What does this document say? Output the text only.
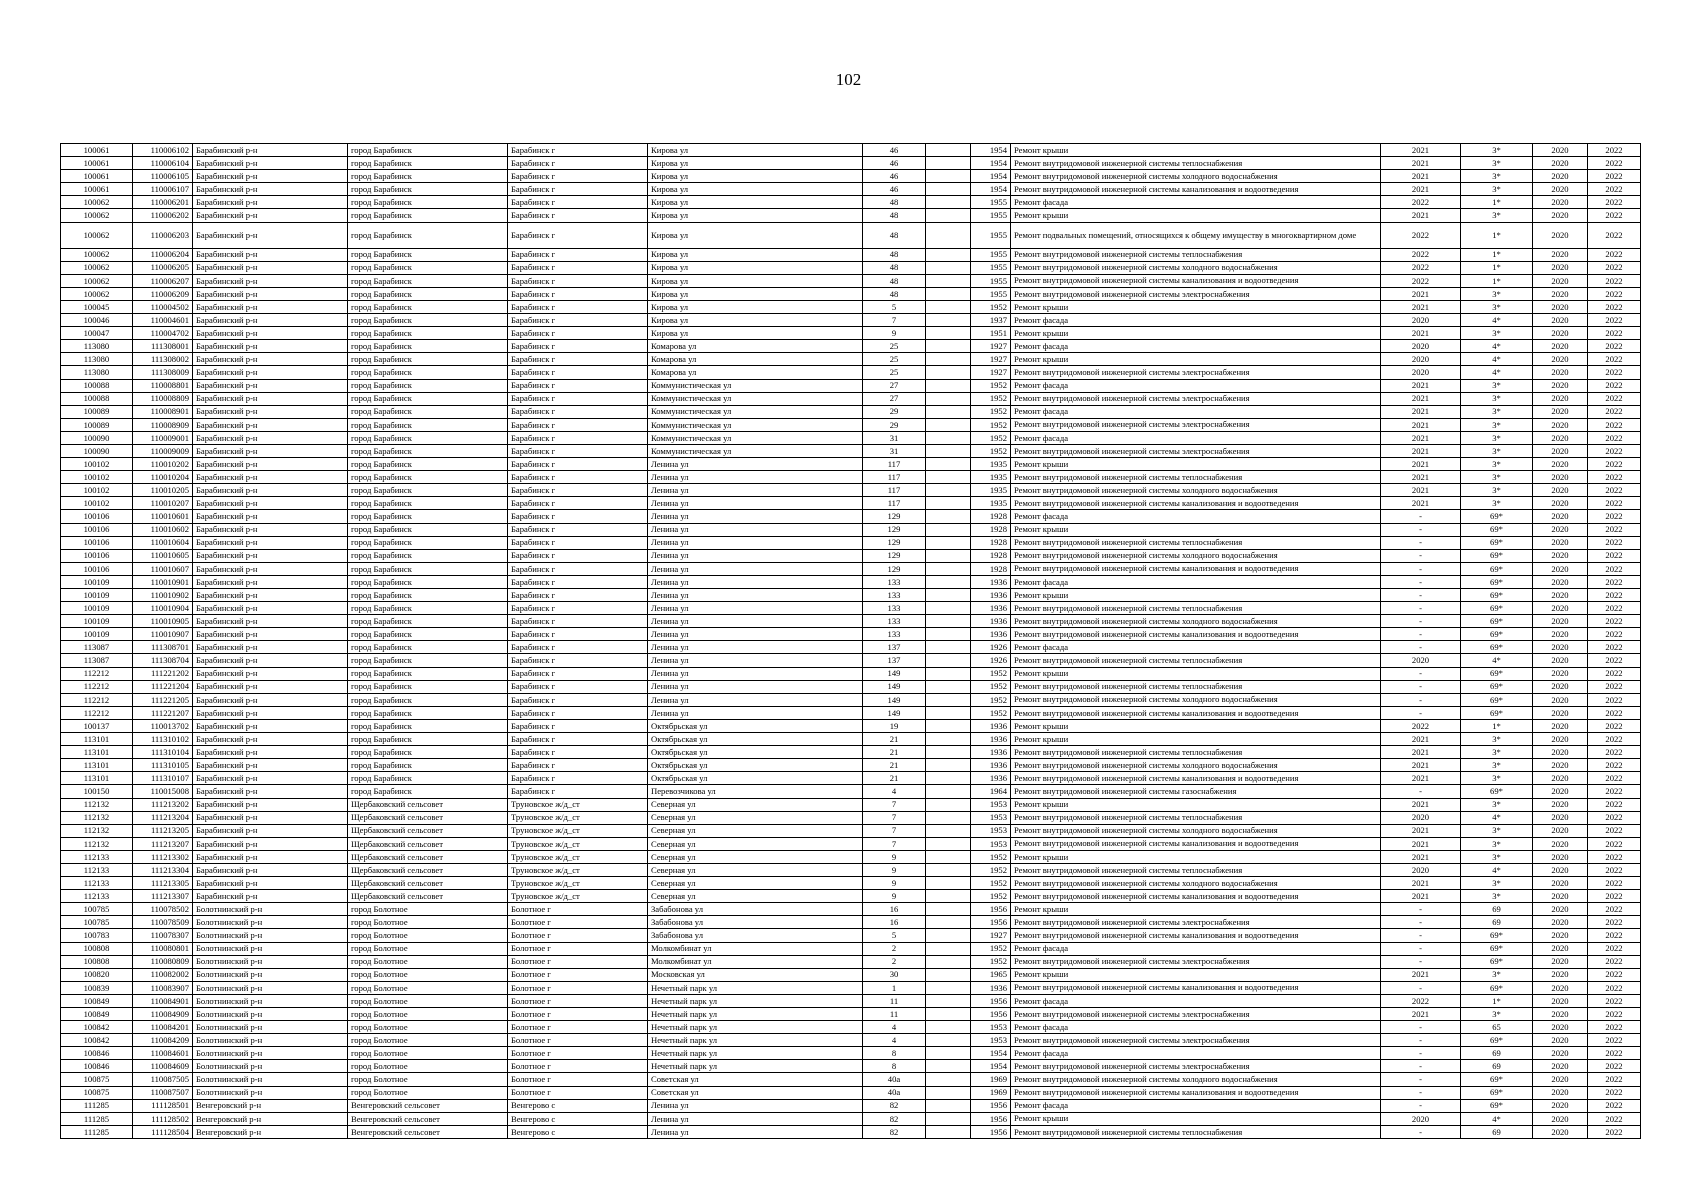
102
100061	110006102	Барабинский р-н	город Барабинск	Барабинск г	Кирова ул	46		1954	Ремонт крыши	2021	3*	2020	2022
100061	110006104	Барабинский р-н	город Барабинск	Барабинск г	Кирова ул	46		1954	Ремонт внутридомовой инженерной системы теплоснабжения	2021	3*	2020	2022
100061	110006105	Барабинский р-н	город Барабинск	Барабинск г	Кирова ул	46		1954	Ремонт внутридомовой инженерной системы холодного водоснабжения	2021	3*	2020	2022
100061	110006107	Барабинский р-н	город Барабинск	Барабинск г	Кирова ул	46		1954	Ремонт внутридомовой инженерной системы канализования и водоотведения	2021	3*	2020	2022
100062	110006201	Барабинский р-н	город Барабинск	Барабинск г	Кирова ул	48		1955	Ремонт фасада	2022	1*	2020	2022
100062	110006202	Барабинский р-н	город Барабинск	Барабинск г	Кирова ул	48		1955	Ремонт крыши	2021	3*	2020	2022
100062	110006203	Барабинский р-н	город Барабинск	Барабинск г	Кирова ул	48		1955	Ремонт подвальных помещений, относящихся к общему имуществу в многоквартирном доме	2022	1*	2020	2022
100062	110006204	Барабинский р-н	город Барабинск	Барабинск г	Кирова ул	48		1955	Ремонт внутридомовой инженерной системы теплоснабжения	2022	1*	2020	2022
100062	110006205	Барабинский р-н	город Барабинск	Барабинск г	Кирова ул	48		1955	Ремонт внутридомовой инженерной системы холодного водоснабжения	2022	1*	2020	2022
100062	110006207	Барабинский р-н	город Барабинск	Барабинск г	Кирова ул	48		1955	Ремонт внутридомовой инженерной системы канализования и водоотведения	2022	1*	2020	2022
100062	110006209	Барабинский р-н	город Барабинск	Барабинск г	Кирова ул	48		1955	Ремонт внутридомовой инженерной системы электроснабжения	2021	3*	2020	2022
100045	110004502	Барабинский р-н	город Барабинск	Барабинск г	Кирова ул	5		1952	Ремонт крыши	2021	3*	2020	2022
100046	110004601	Барабинский р-н	город Барабинск	Барабинск г	Кирова ул	7		1937	Ремонт фасада	2020	4*	2020	2022
100047	110004702	Барабинский р-н	город Барабинск	Барабинск г	Кирова ул	9		1951	Ремонт крыши	2021	3*	2020	2022
113080	111308001	Барабинский р-н	город Барабинск	Барабинск г	Комарова ул	25		1927	Ремонт фасада	2020	4*	2020	2022
113080	111308002	Барабинский р-н	город Барабинск	Барабинск г	Комарова ул	25		1927	Ремонт крыши	2020	4*	2020	2022
113080	111308009	Барабинский р-н	город Барабинск	Барабинск г	Комарова ул	25		1927	Ремонт внутридомовой инженерной системы электроснабжения	2020	4*	2020	2022
100088	110008801	Барабинский р-н	город Барабинск	Барабинск г	Коммунистическая ул	27		1952	Ремонт фасада	2021	3*	2020	2022
100088	110008809	Барабинский р-н	город Барабинск	Барабинск г	Коммунистическая ул	27		1952	Ремонт внутридомовой инженерной системы электроснабжения	2021	3*	2020	2022
100089	110008901	Барабинский р-н	город Барабинск	Барабинск г	Коммунистическая ул	29		1952	Ремонт фасада	2021	3*	2020	2022
100089	110008909	Барабинский р-н	город Барабинск	Барабинск г	Коммунистическая ул	29		1952	Ремонт внутридомовой инженерной системы электроснабжения	2021	3*	2020	2022
100090	110009001	Барабинский р-н	город Барабинск	Барабинск г	Коммунистическая ул	31		1952	Ремонт фасада	2021	3*	2020	2022
100090	110009009	Барабинский р-н	город Барабинск	Барабинск г	Коммунистическая ул	31		1952	Ремонт внутридомовой инженерной системы электроснабжения	2021	3*	2020	2022
100102	110010202	Барабинский р-н	город Барабинск	Барабинск г	Ленина ул	117		1935	Ремонт крыши	2021	3*	2020	2022
100102	110010204	Барабинский р-н	город Барабинск	Барабинск г	Ленина ул	117		1935	Ремонт внутридомовой инженерной системы теплоснабжения	2021	3*	2020	2022
100102	110010205	Барабинский р-н	город Барабинск	Барабинск г	Ленина ул	117		1935	Ремонт внутридомовой инженерной системы холодного водоснабжения	2021	3*	2020	2022
100102	110010207	Барабинский р-н	город Барабинск	Барабинск г	Ленина ул	117		1935	Ремонт внутридомовой инженерной системы канализования и водоотведения	2021	3*	2020	2022
100106	110010601	Барабинский р-н	город Барабинск	Барабинск г	Ленина ул	129		1928	Ремонт фасада	-	69*	2020	2022
100106	110010602	Барабинский р-н	город Барабинск	Барабинск г	Ленина ул	129		1928	Ремонт крыши	-	69*	2020	2022
100106	110010604	Барабинский р-н	город Барабинск	Барабинск г	Ленина ул	129		1928	Ремонт внутридомовой инженерной системы теплоснабжения	-	69*	2020	2022
100106	110010605	Барабинский р-н	город Барабинск	Барабинск г	Ленина ул	129		1928	Ремонт внутридомовой инженерной системы холодного водоснабжения	-	69*	2020	2022
100106	110010607	Барабинский р-н	город Барабинск	Барабинск г	Ленина ул	129		1928	Ремонт внутридомовой инженерной системы канализования и водоотведения	-	69*	2020	2022
100109	110010901	Барабинский р-н	город Барабинск	Барабинск г	Ленина ул	133		1936	Ремонт фасада	-	69*	2020	2022
100109	110010902	Барабинский р-н	город Барабинск	Барабинск г	Ленина ул	133		1936	Ремонт крыши	-	69*	2020	2022
100109	110010904	Барабинский р-н	город Барабинск	Барабинск г	Ленина ул	133		1936	Ремонт внутридомовой инженерной системы теплоснабжения	-	69*	2020	2022
100109	110010905	Барабинский р-н	город Барабинск	Барабинск г	Ленина ул	133		1936	Ремонт внутридомовой инженерной системы холодного водоснабжения	-	69*	2020	2022
100109	110010907	Барабинский р-н	город Барабинск	Барабинск г	Ленина ул	133		1936	Ремонт внутридомовой инженерной системы канализования и водоотведения	-	69*	2020	2022
113087	111308701	Барабинский р-н	город Барабинск	Барабинск г	Ленина ул	137		1926	Ремонт фасада	-	69*	2020	2022
113087	111308704	Барабинский р-н	город Барабинск	Барабинск г	Ленина ул	137		1926	Ремонт внутридомовой инженерной системы теплоснабжения	2020	4*	2020	2022
112212	111221202	Барабинский р-н	город Барабинск	Барабинск г	Ленина ул	149		1952	Ремонт крыши	-	69*	2020	2022
112212	111221204	Барабинский р-н	город Барабинск	Барабинск г	Ленина ул	149		1952	Ремонт внутридомовой инженерной системы теплоснабжения	-	69*	2020	2022
112212	111221205	Барабинский р-н	город Барабинск	Барабинск г	Ленина ул	149		1952	Ремонт внутридомовой инженерной системы холодного водоснабжения	-	69*	2020	2022
112212	111221207	Барабинский р-н	город Барабинск	Барабинск г	Ленина ул	149		1952	Ремонт внутридомовой инженерной системы канализования и водоотведения	-	69*	2020	2022
100137	110013702	Барабинский р-н	город Барабинск	Барабинск г	Октябрьская ул	19		1936	Ремонт крыши	2022	1*	2020	2022
113101	111310102	Барабинский р-н	город Барабинск	Барабинск г	Октябрьская ул	21		1936	Ремонт крыши	2021	3*	2020	2022
113101	111310104	Барабинский р-н	город Барабинск	Барабинск г	Октябрьская ул	21		1936	Ремонт внутридомовой инженерной системы теплоснабжения	2021	3*	2020	2022
113101	111310105	Барабинский р-н	город Барабинск	Барабинск г	Октябрьская ул	21		1936	Ремонт внутридомовой инженерной системы холодного водоснабжения	2021	3*	2020	2022
113101	111310107	Барабинский р-н	город Барабинск	Барабинск г	Октябрьская ул	21		1936	Ремонт внутридомовой инженерной системы канализования и водоотведения	2021	3*	2020	2022
100150	110015008	Барабинский р-н	город Барабинск	Барабинск г	Перевозчикова ул	4		1964	Ремонт внутридомовой инженерной системы газоснабжения	-	69*	2020	2022
112132	111213202	Барабинский р-н	Щербаковский сельсовет	Труновское ж/д_ст	Северная ул	7		1953	Ремонт крыши	2021	3*	2020	2022
112132	111213204	Барабинский р-н	Щербаковский сельсовет	Труновское ж/д_ст	Северная ул	7		1953	Ремонт внутридомовой инженерной системы теплоснабжения	2020	4*	2020	2022
112132	111213205	Барабинский р-н	Щербаковский сельсовет	Труновское ж/д_ст	Северная ул	7		1953	Ремонт внутридомовой инженерной системы холодного водоснабжения	2021	3*	2020	2022
112132	111213207	Барабинский р-н	Щербаковский сельсовет	Труновское ж/д_ст	Северная ул	7		1953	Ремонт внутридомовой инженерной системы канализования и водоотведения	2021	3*	2020	2022
112133	111213302	Барабинский р-н	Щербаковский сельсовет	Труновское ж/д_ст	Северная ул	9		1952	Ремонт крыши	2021	3*	2020	2022
112133	111213304	Барабинский р-н	Щербаковский сельсовет	Труновское ж/д_ст	Северная ул	9		1952	Ремонт внутридомовой инженерной системы теплоснабжения	2020	4*	2020	2022
112133	111213305	Барабинский р-н	Щербаковский сельсовет	Труновское ж/д_ст	Северная ул	9		1952	Ремонт внутридомовой инженерной системы холодного водоснабжения	2021	3*	2020	2022
112133	111213307	Барабинский р-н	Щербаковский сельсовет	Труновское ж/д_ст	Северная ул	9		1952	Ремонт внутридомовой инженерной системы канализования и водоотведения	2021	3*	2020	2022
100785	110078502	Болотнинский р-н	город Болотное	Болотное г	Забабонова ул	16		1956	Ремонт крыши	-	69	2020	2022
100785	110078509	Болотнинский р-н	город Болотное	Болотное г	Забабонова ул	16		1956	Ремонт внутридомовой инженерной системы электроснабжения	-	69	2020	2022
100783	110078307	Болотнинский р-н	город Болотное	Болотное г	Забабонова ул	5		1927	Ремонт внутридомовой инженерной системы канализования и водоотведения	-	69*	2020	2022
100808	110080801	Болотнинский р-н	город Болотное	Болотное г	Молкомбинат ул	2		1952	Ремонт фасада	-	69*	2020	2022
100808	110080809	Болотнинский р-н	город Болотное	Болотное г	Молкомбинат ул	2		1952	Ремонт внутридомовой инженерной системы электроснабжения	-	69*	2020	2022
100820	110082002	Болотнинский р-н	город Болотное	Болотное г	Московская ул	30		1965	Ремонт крыши	2021	3*	2020	2022
100839	110083907	Болотнинский р-н	город Болотное	Болотное г	Нечетный парк ул	1		1936	Ремонт внутридомовой инженерной системы канализования и водоотведения	-	69*	2020	2022
100849	110084901	Болотнинский р-н	город Болотное	Болотное г	Нечетный парк ул	11		1956	Ремонт фасада	2022	1*	2020	2022
100849	110084909	Болотнинский р-н	город Болотное	Болотное г	Нечетный парк ул	11		1956	Ремонт внутридомовой инженерной системы электроснабжения	2021	3*	2020	2022
100842	110084201	Болотнинский р-н	город Болотное	Болотное г	Нечетный парк ул	4		1953	Ремонт фасада	-	65	2020	2022
100842	110084209	Болотнинский р-н	город Болотное	Болотное г	Нечетный парк ул	4		1953	Ремонт внутридомовой инженерной системы электроснабжения	-	69*	2020	2022
100846	110084601	Болотнинский р-н	город Болотное	Болотное г	Нечетный парк ул	8		1954	Ремонт фасада	-	69	2020	2022
100846	110084609	Болотнинский р-н	город Болотное	Болотное г	Нечетный парк ул	8		1954	Ремонт внутридомовой инженерной системы электроснабжения	-	69	2020	2022
100875	110087505	Болотнинский р-н	город Болотное	Болотное г	Советская ул	40а		1969	Ремонт внутридомовой инженерной системы холодного водоснабжения	-	69*	2020	2022
100875	110087507	Болотнинский р-н	город Болотное	Болотное г	Советская ул	40а		1969	Ремонт внутридомовой инженерной системы канализования и водоотведения	-	69*	2020	2022
111285	111128501	Венгеровский р-н	Венгеровский сельсовет	Венгерово с	Ленина ул	82		1956	Ремонт фасада	-	69*	2020	2022
111285	111128502	Венгеровский р-н	Венгеровский сельсовет	Венгерово с	Ленина ул	82		1956	Ремонт крыши	2020	4*	2020	2022
111285	111128504	Венгеровский р-н	Венгеровский сельсовет	Венгерово с	Ленина ул	82		1956	Ремонт внутридомовой инженерной системы теплоснабжения	-	69	2020	2022
